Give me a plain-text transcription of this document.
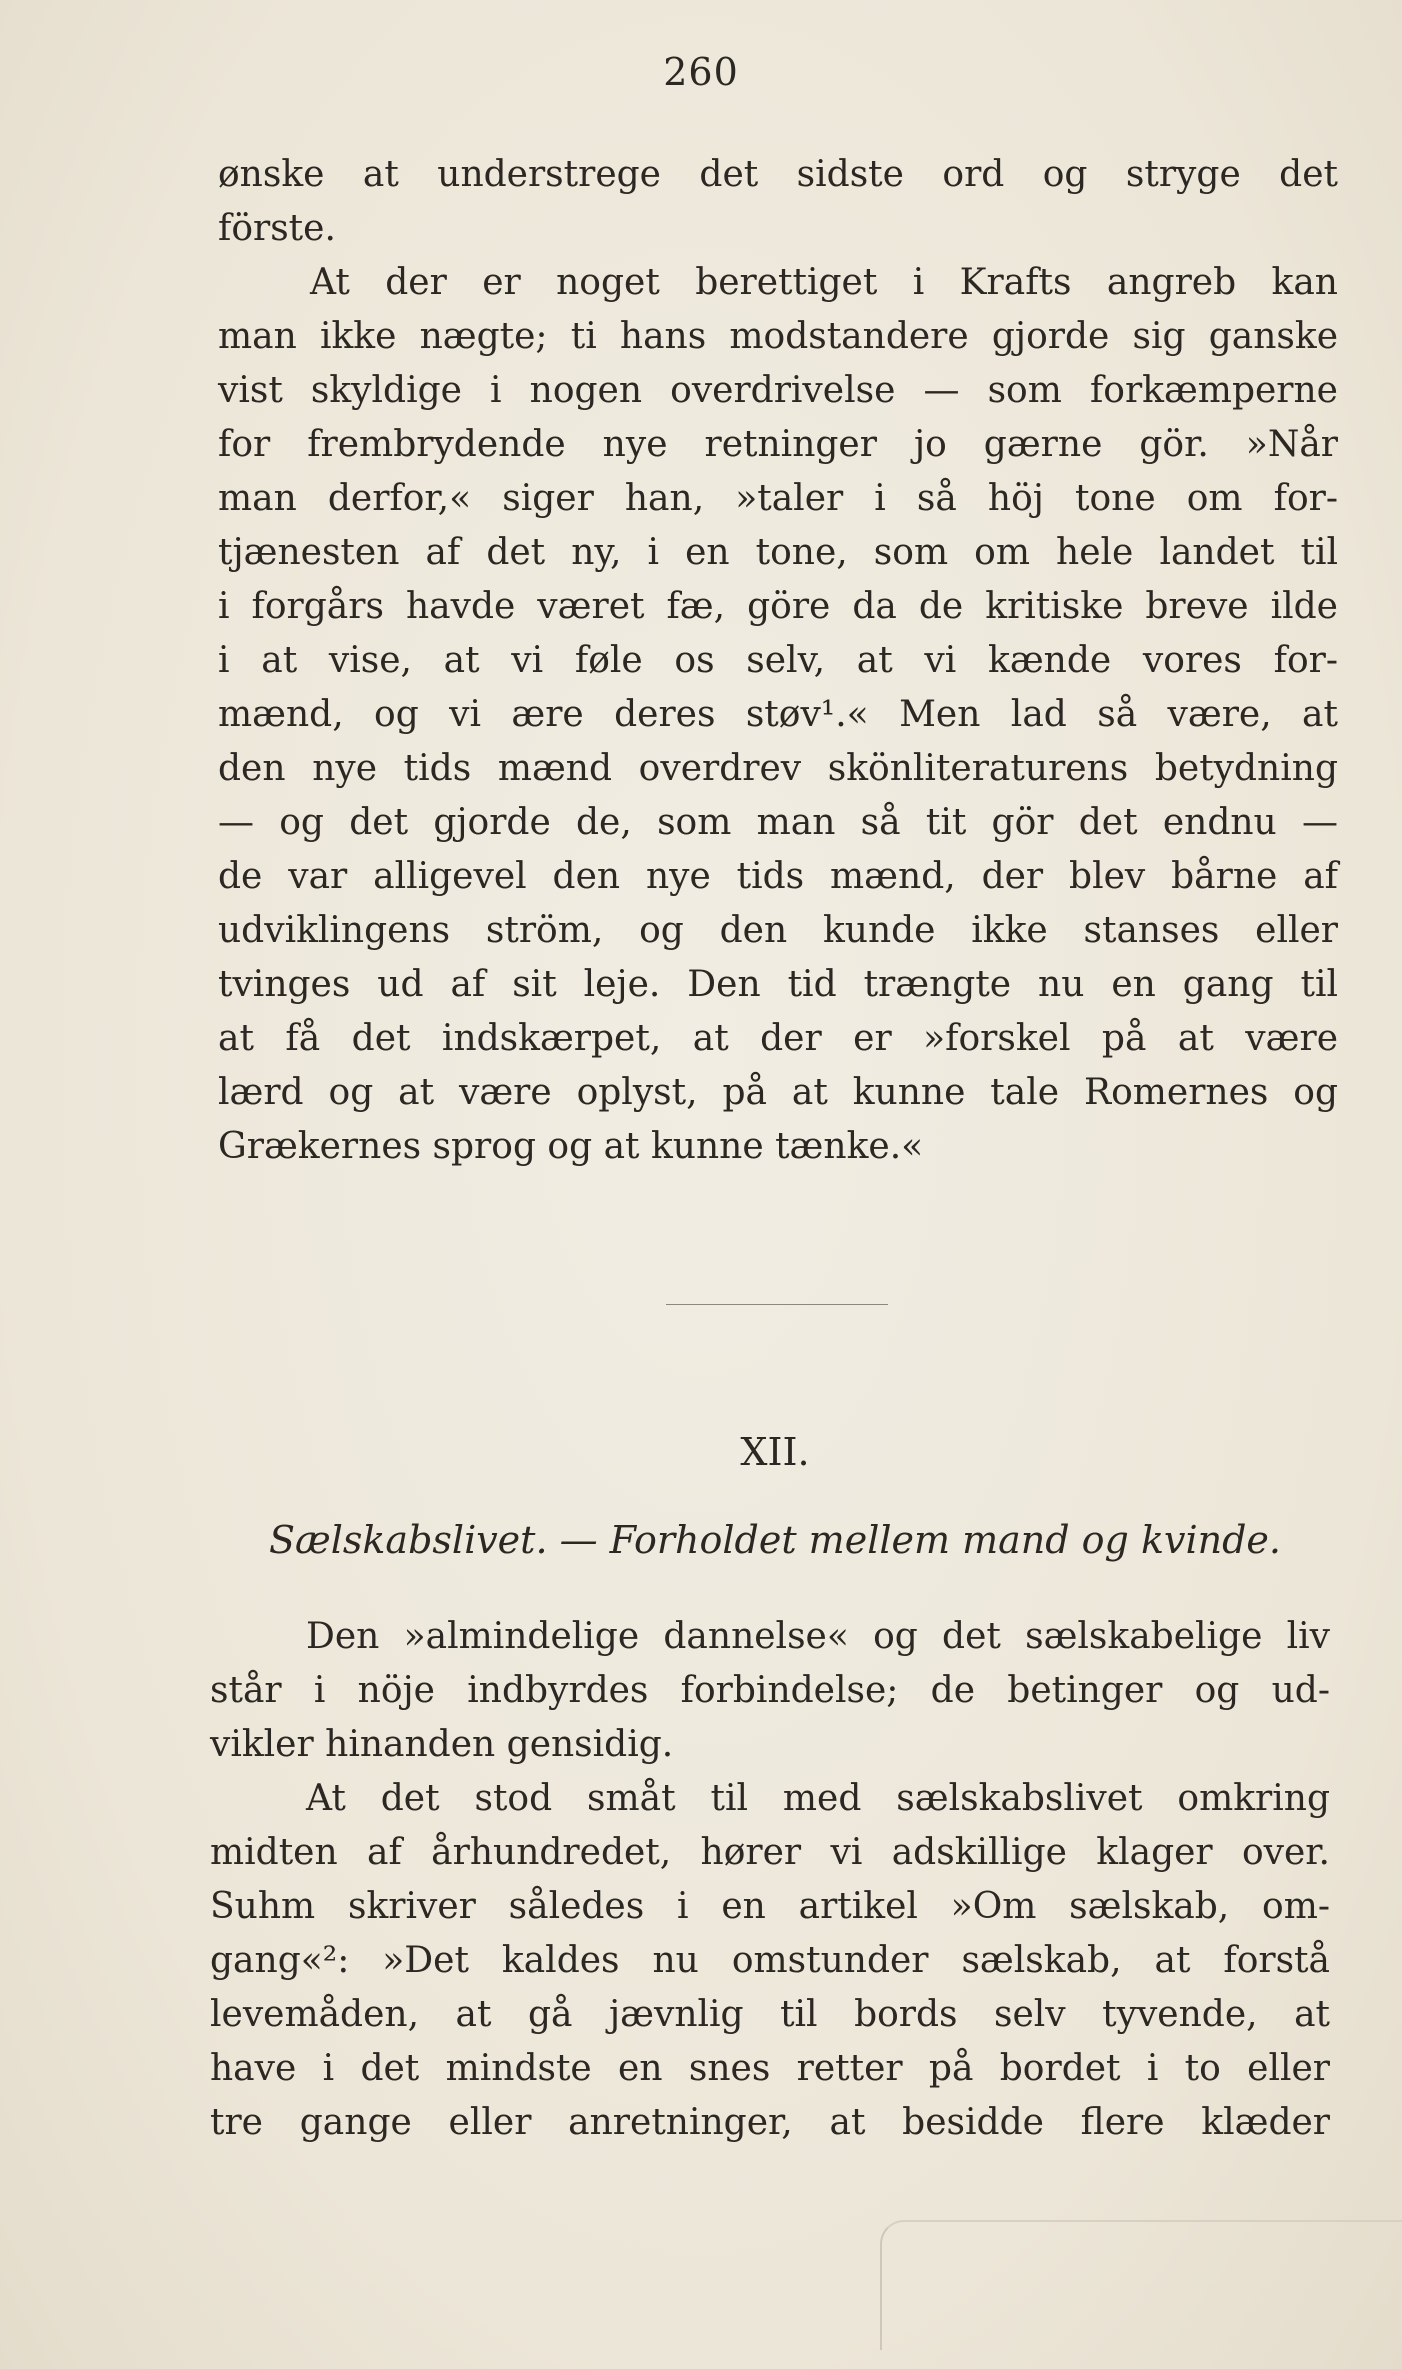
260
ønske at understrege det sidste ord og stryge det
förste.
At der er noget berettiget i Krafts angreb kan
man ikke nægte; ti hans modstandere gjorde sig ganske
vist skyldige i nogen overdrivelse — som forkæmperne
for frembrydende nye retninger jo gærne gör. »Når
man derfor,« siger han, »taler i så höj tone om for-
tjænesten af det ny, i en tone, som om hele landet til
i forgårs havde været fæ, göre da de kritiske breve ilde
i at vise, at vi føle os selv, at vi kænde vores for-
mænd, og vi ære deres støv¹.« Men lad så være, at
den nye tids mænd overdrev skönliteraturens betydning
— og det gjorde de, som man så tit gör det endnu —
de var alligevel den nye tids mænd, der blev bårne af
udviklingens ström, og den kunde ikke stanses eller
tvinges ud af sit leje. Den tid trængte nu en gang til
at få det indskærpet, at der er »forskel på at være
lærd og at være oplyst, på at kunne tale Romernes og
Grækernes sprog og at kunne tænke.«
XII.
Sælskabslivet. — Forholdet mellem mand og kvinde.
Den »almindelige dannelse« og det sælskabelige liv
står i nöje indbyrdes forbindelse; de betinger og ud-
vikler hinanden gensidig.
At det stod småt til med sælskabslivet omkring
midten af århundredet, hører vi adskillige klager over.
Suhm skriver således i en artikel »Om sælskab, om-
gang«²: »Det kaldes nu omstunder sælskab, at forstå
levemåden, at gå jævnlig til bords selv tyvende, at
have i det mindste en snes retter på bordet i to eller
tre gange eller anretninger, at besidde flere klæder
